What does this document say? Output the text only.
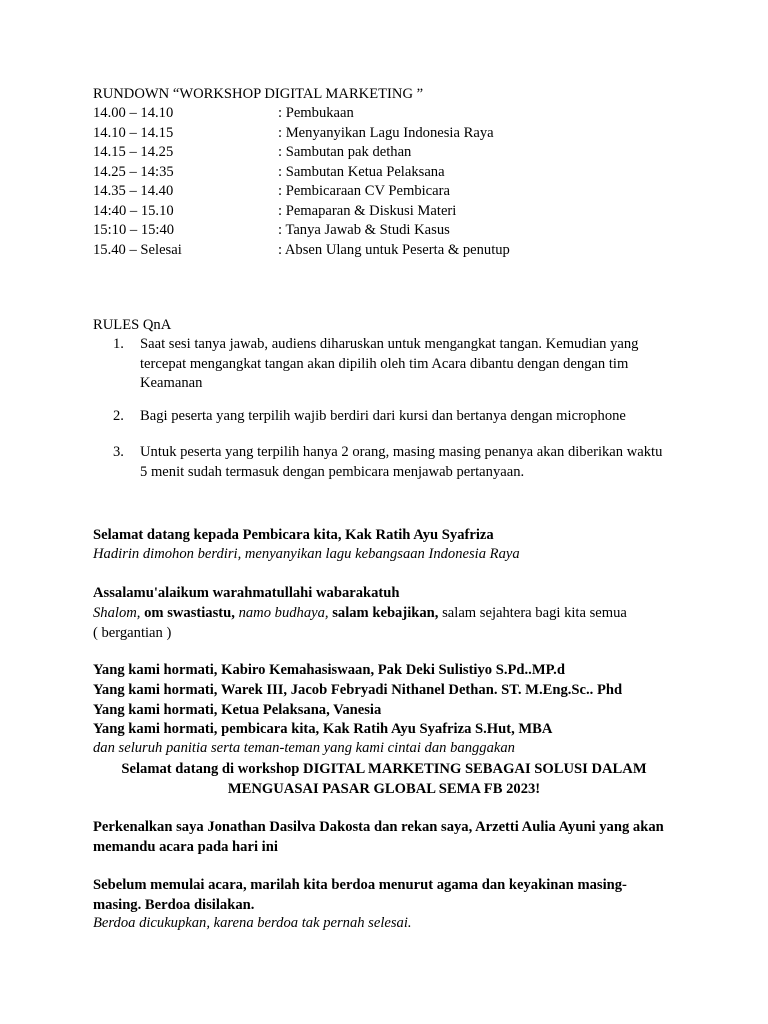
RUNDOWN “WORKSHOP DIGITAL MARKETING ”
14.00 – 14.10	: Pembukaan
14.10 – 14.15	: Menyanyikan Lagu Indonesia Raya
14.15 – 14.25	: Sambutan pak dethan
14.25 – 14:35	: Sambutan Ketua Pelaksana
14.35 – 14.40	: Pembicaraan CV Pembicara
14:40 – 15.10	: Pemaparan & Diskusi Materi
15:10 – 15:40	: Tanya Jawab & Studi Kasus
15.40 – Selesai	: Absen Ulang untuk Peserta & penutup
RULES QnA
1. Saat sesi tanya jawab, audiens diharuskan untuk mengangkat tangan. Kemudian yang tercepat mengangkat tangan akan dipilih oleh tim Acara dibantu dengan dengan tim Keamanan
2. Bagi peserta yang terpilih wajib berdiri dari kursi dan bertanya dengan microphone
3. Untuk peserta yang terpilih hanya 2 orang, masing masing penanya akan diberikan waktu 5 menit sudah termasuk dengan pembicara menjawab pertanyaan.
Selamat datang kepada Pembicara kita, Kak Ratih Ayu Syafriza
Hadirin dimohon berdiri, menyanyikan lagu kebangsaan Indonesia Raya
Assalamu'alaikum warahmatullahi wabarakatuh
Shalom, om swastiastu, namo budhaya, salam kebajikan, salam sejahtera bagi kita semua
( bergantian )
Yang kami hormati, Kabiro Kemahasiswaan, Pak Deki Sulistiyo S.Pd..MP.d
Yang kami hormati, Warek III, Jacob Febryadi Nithanel Dethan. ST. M.Eng.Sc.. Phd
Yang kami hormati, Ketua Pelaksana, Vanesia
Yang kami hormati, pembicara kita, Kak Ratih Ayu Syafriza S.Hut, MBA
dan seluruh panitia serta teman-teman yang kami cintai dan banggakan
Selamat datang di workshop DIGITAL MARKETING SEBAGAI SOLUSI DALAM
MENGUASAI PASAR GLOBAL SEMA FB 2023!
Perkenalkan saya Jonathan Dasilva Dakosta dan rekan saya, Arzetti Aulia Ayuni yang akan memandu acara pada hari ini
Sebelum memulai acara, marilah kita berdoa menurut agama dan keyakinan masing-masing. Berdoa disilakan.
Berdoa dicukupkan, karena berdoa tak pernah selesai.
